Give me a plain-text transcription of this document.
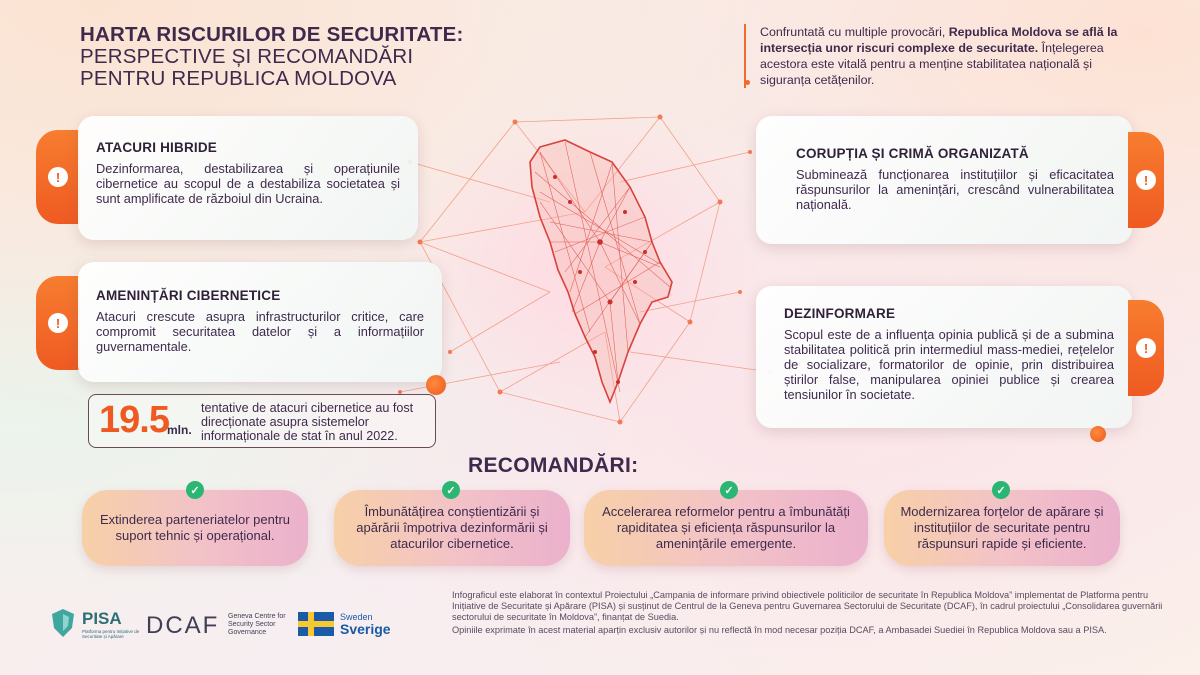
HARTA RISCURILOR DE SECURITATE:
PERSPECTIVE ȘI RECOMANDĂRI
PENTRU REPUBLICA MOLDOVA
Confruntată cu multiple provocări, Republica Moldova se află la intersecția unor riscuri complexe de securitate. Înțelegerea acestora este vitală pentru a menține stabilitatea națională și siguranța cetățenilor.
!
ATACURI HIBRIDE

Dezinformarea, destabilizarea și operațiunile cibernetice au scopul de a destabiliza societatea și sunt amplificate de războiul din Ucraina.

!
AMENINȚĂRI CIBERNETICE

Atacuri crescute asupra infrastructurilor critice, care compromit securitatea datelor și a informațiilor guvernamentale.

19.5
mln.
tentative de atacuri cibernetice au fost direcționate asupra sistemelor informaționale de stat în anul 2022.
CORUPȚIA ȘI CRIMĂ ORGANIZATĂ

Subminează funcționarea instituțiilor și eficacitatea răspunsurilor la amenințări, crescând vulnerabilitatea națională.

!
DEZINFORMARE

Scopul este de a influența opinia publică și de a submina stabilitatea politică prin intermediul mass-mediei, rețelelor de socializare, formatorilor de opinie, prin distribuirea știrilor false, manipularea opiniei publice și crearea tensiunilor în societate.

!
RECOMANDĂRI:
Extinderea parteneriatelor pentru suport tehnic și operațional.
✓
Îmbunătățirea conștientizării și apărării împotriva dezinformării și atacurilor cibernetice.
✓
Accelerarea reformelor pentru a îmbunătăți rapiditatea și eficiența răspunsurilor la amenințările emergente.
✓
Modernizarea forțelor de apărare și instituțiilor de securitate pentru răspunsuri rapide și eficiente.
✓
PISA
Platforma pentru Inițiative de Securitate și Apărare DCAF Geneva Centre for Security Sector Governance
Sweden
Sverige

Infograficul este elaborat în contextul Proiectului „Campania de informare privind obiectivele politicilor de securitate în Republica Moldova” implementat de Platforma pentru Inițiative de Securitate și Apărare (PISA) și susținut de Centrul de la Geneva pentru Guvernarea Sectorului de Securitate (DCAF), în cadrul proiectului „Consolidarea guvernării sectorului de securitate în Moldova”, finanțat de Suedia.

Opiniile exprimate în acest material aparțin exclusiv autorilor și nu reflectă în mod necesar poziția DCAF, a Ambasadei Suediei în Republica Moldova sau a PISA.
